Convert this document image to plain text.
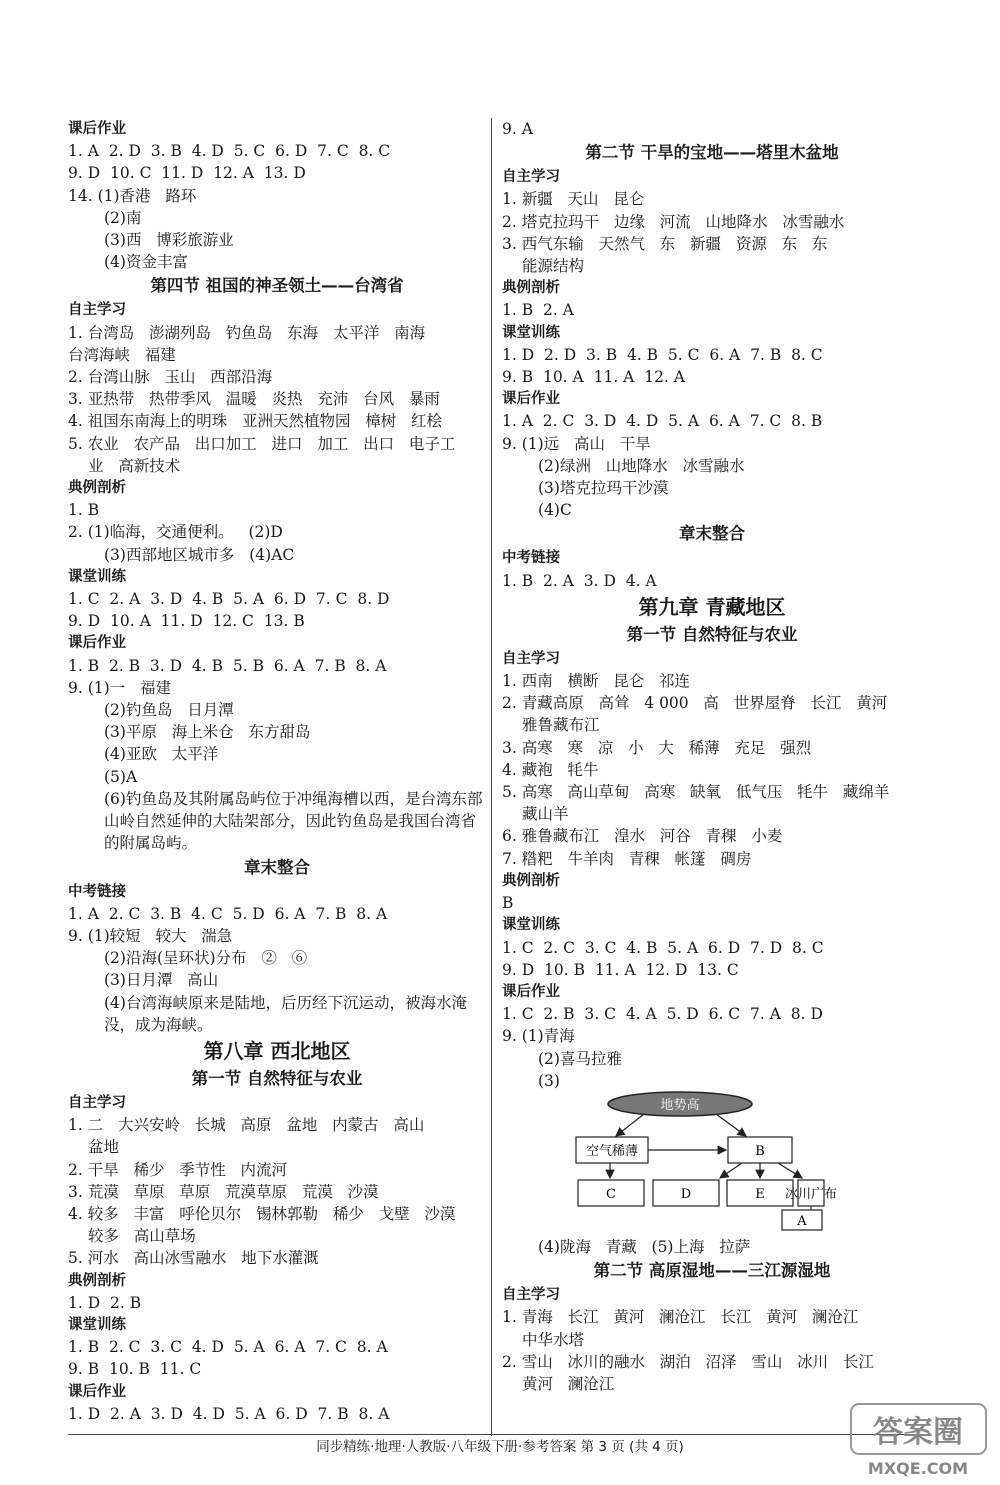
课后作业
1. A  2. D  3. B  4. D  5. C  6. D  7. C  8. C
9. D  10. C  11. D  12. A  13. D
14. (1)香港   路环
(2)南
(3)西   博彩旅游业
(4)资金丰富
第四节 祖国的神圣领土——台湾省
自主学习
1. 台湾岛   澎湖列岛   钓鱼岛   东海   太平洋   南海
台湾海峡   福建
2. 台湾山脉   玉山   西部沿海
3. 亚热带   热带季风   温暖   炎热   充沛   台风   暴雨
4. 祖国东南海上的明珠   亚洲天然植物园   樟树   红桧
5. 农业   农产品   出口加工   进口   加工   出口   电子工
业   高新技术
典例剖析
1. B
2. (1)临海，交通便利。   (2)D
(3)西部地区城市多   (4)AC
课堂训练
1. C  2. A  3. D  4. B  5. A  6. D  7. C  8. D
9. D  10. A  11. D  12. C  13. B
课后作业
1. B  2. B  3. D  4. B  5. B  6. A  7. B  8. A
9. (1)一   福建
(2)钓鱼岛   日月潭
(3)平原   海上米仓   东方甜岛
(4)亚欧   太平洋
(5)A
(6)钓鱼岛及其附属岛屿位于冲绳海槽以西，是台湾东部山岭自然延伸的大陆架部分，因此钓鱼岛是我国台湾省的附属岛屿。
章末整合
中考链接
1. A  2. C  3. B  4. C  5. D  6. A  7. B  8. A
9. (1)较短   较大   湍急
(2)沿海(呈环状)分布   ②   ⑥
(3)日月潭   高山
(4)台湾海峡原来是陆地，后历经下沉运动，被海水淹没，成为海峡。
第八章 西北地区
第一节 自然特征与农业
自主学习
1. 二   大兴安岭   长城   高原   盆地   内蒙古   高山
盆地
2. 干旱   稀少   季节性   内流河
3. 荒漠   草原   草原   荒漠草原   荒漠   沙漠
4. 较多   丰富   呼伦贝尔   锡林郭勒   稀少   戈壁   沙漠
较多   高山草场
5. 河水   高山冰雪融水   地下水灌溉
典例剖析
1. D  2. B
课堂训练
1. B  2. C  3. C  4. D  5. A  6. A  7. C  8. A
9. B  10. B  11. C
课后作业
1. D  2. A  3. D  4. D  5. A  6. D  7. B  8. A
9. A
第二节 干旱的宝地——塔里木盆地
自主学习
1. 新疆   天山   昆仑
2. 塔克拉玛干   边缘   河流   山地降水   冰雪融水
3. 西气东输   天然气   东   新疆   资源   东   东
能源结构
典例剖析
1. B  2. A
课堂训练
1. D  2. D  3. B  4. B  5. C  6. A  7. B  8. C
9. B  10. A  11. A  12. A
课后作业
1. A  2. C  3. D  4. D  5. A  6. A  7. C  8. B
9. (1)远   高山   干旱
(2)绿洲   山地降水   冰雪融水
(3)塔克拉玛干沙漠
(4)C
章末整合
中考链接
1. B  2. A  3. D  4. A
第九章 青藏地区
第一节 自然特征与农业
自主学习
1. 西南   横断   昆仑   祁连
2. 青藏高原   高耸   4 000   高   世界屋脊   长江   黄河
雅鲁藏布江
3. 高寒   寒   凉   小   大   稀薄   充足   强烈
4. 藏袍   牦牛
5. 高寒   高山草甸   高寒   缺氧   低气压   牦牛   藏绵羊
藏山羊
6. 雅鲁藏布江   湟水   河谷   青稞   小麦
7. 糌粑   牛羊肉   青稞   帐篷   碉房
典例剖析
B
课堂训练
1. C  2. C  3. C  4. B  5. A  6. D  7. D  8. C
9. D  10. B  11. A  12. D  13. C
课后作业
1. C  2. B  3. C  4. A  5. D  6. C  7. A  8. D
9. (1)青海
(2)喜马拉雅
(3)
地势高
空气稀薄	B
C	D	E 冰川广布
A
(4)陇海   青藏   (5)上海   拉萨
第二节 高原湿地——三江源湿地
自主学习
1. 青海   长江   黄河   澜沧江   长江   黄河   澜沧江
中华水塔
2. 雪山   冰川的融水   湖泊   沼泽   雪山   冰川   长江
黄河   澜沧江
同步精练·地理·人教版·八年级下册·参考答案 第 3 页 (共 4 页)	答案圈
MXQE.COM
